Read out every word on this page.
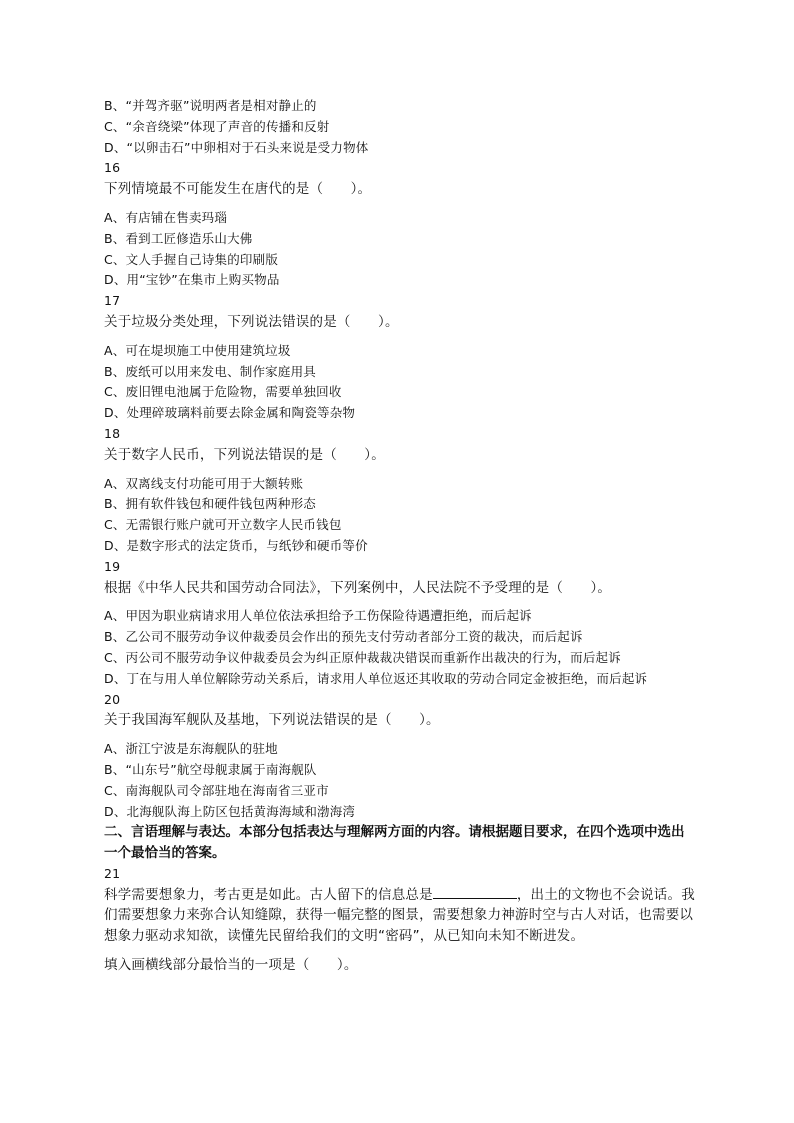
B、“并驾齐驱”说明两者是相对静止的
C、“余音绕梁”体现了声音的传播和反射
D、“以卵击石”中卵相对于石头来说是受力物体
16
下列情境最不可能发生在唐代的是（　　）。
A、有店铺在售卖玛瑙
B、看到工匠修造乐山大佛
C、文人手握自己诗集的印刷版
D、用“宝钞”在集市上购买物品
17
关于垃圾分类处理，下列说法错误的是（　　）。
A、可在堤坝施工中使用建筑垃圾
B、废纸可以用来发电、制作家庭用具
C、废旧锂电池属于危险物，需要单独回收
D、处理碎玻璃料前要去除金属和陶瓷等杂物
18
关于数字人民币，下列说法错误的是（　　）。
A、双离线支付功能可用于大额转账
B、拥有软件钱包和硬件钱包两种形态
C、无需银行账户就可开立数字人民币钱包
D、是数字形式的法定货币，与纸钞和硬币等价
19
根据《中华人民共和国劳动合同法》，下列案例中，人民法院不予受理的是（　　）。
A、甲因为职业病请求用人单位依法承担给予工伤保险待遇遭拒绝，而后起诉
B、乙公司不服劳动争议仲裁委员会作出的预先支付劳动者部分工资的裁决，而后起诉
C、丙公司不服劳动争议仲裁委员会为纠正原仲裁裁决错误而重新作出裁决的行为，而后起诉
D、丁在与用人单位解除劳动关系后，请求用人单位返还其收取的劳动合同定金被拒绝，而后起诉
20
关于我国海军舰队及基地，下列说法错误的是（　　）。
A、浙江宁波是东海舰队的驻地
B、“山东号”航空母舰隶属于南海舰队
C、南海舰队司令部驻地在海南省三亚市
D、北海舰队海上防区包括黄海海域和渤海湾
二、言语理解与表达。本部分包括表达与理解两方面的内容。请根据题目要求，在四个选项中选出一个最恰当的答案。
21
科学需要想象力，考古更是如此。古人留下的信息总是	，出土的文物也不会说话。我们需要想象力来弥合认知缝隙，获得一幅完整的图景，需要想象力神游时空与古人对话，也需要以想象力驱动求知欲，读懂先民留给我们的文明“密码”，从已知向未知不断进发。
填入画横线部分最恰当的一项是（　　）。
